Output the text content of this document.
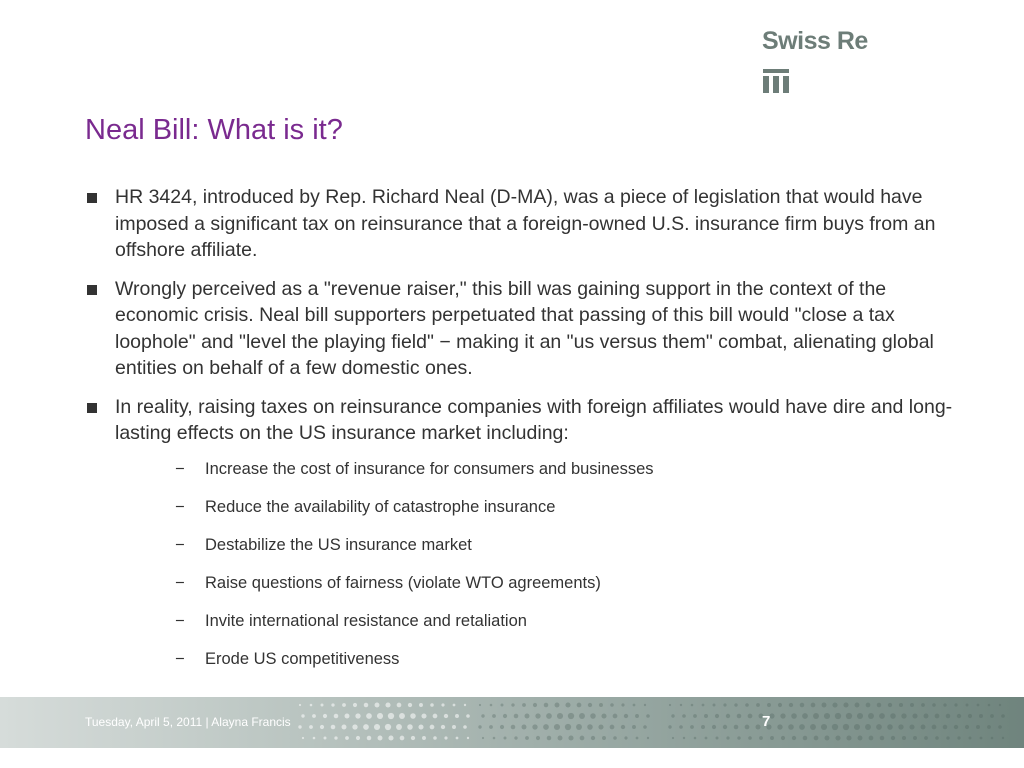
Swiss Re
Neal Bill: What is it?
HR 3424, introduced by Rep. Richard Neal (D-MA), was a piece of legislation that would have imposed a significant tax on reinsurance that a foreign-owned U.S. insurance firm buys from an offshore affiliate.
Wrongly perceived as a "revenue raiser," this bill was gaining support in the context of the economic crisis. Neal bill supporters perpetuated that passing of this bill would "close a tax loophole" and "level the playing field" − making it an "us versus them" combat, alienating global entities on behalf of a few domestic ones.
In reality, raising taxes on reinsurance companies with foreign affiliates would have dire and long-lasting effects on the US insurance market including:
− Increase the cost of insurance for consumers and businesses
− Reduce the availability of catastrophe insurance
− Destabilize the US insurance market
− Raise questions of fairness (violate WTO agreements)
− Invite international resistance and retaliation
− Erode US competitiveness
Tuesday, April 5, 2011 | Alayna Francis	7
